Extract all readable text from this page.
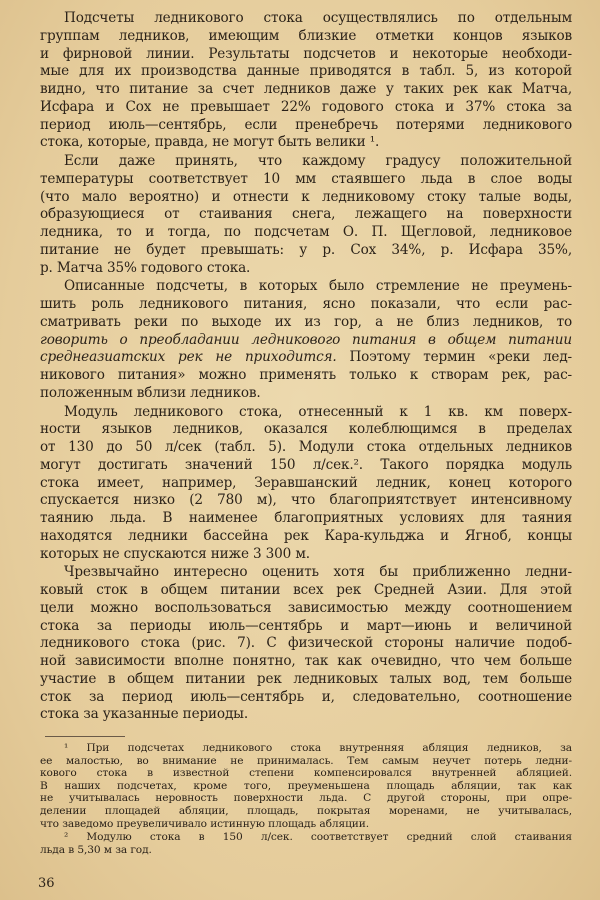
Подсчеты ледникового стока осуществлялись по отдельным
группам ледников, имеющим близкие отметки концов языков
и фирновой линии. Результаты подсчетов и некоторые необходи-
мые для их производства данные приводятся в табл. 5, из которой
видно, что питание за счет ледников даже у таких рек как Матча,
Исфара и Сох не превышает 22% годового стока и 37% стока за
период июль—сентябрь, если пренебречь потерями ледникового
стока, которые, правда, не могут быть велики ¹.
Если даже принять, что каждому градусу положительной
температуры соответствует 10 мм стаявшего льда в слое воды
(что мало вероятно) и отнести к ледниковому стоку талые воды,
образующиеся от стаивания снега, лежащего на поверхности
ледника, то и тогда, по подсчетам О. П. Щегловой, ледниковое
питание не будет превышать: у р. Сох 34%, р. Исфара 35%,
р. Матча 35% годового стока.
Описанные подсчеты, в которых было стремление не преумень-
шить роль ледникового питания, ясно показали, что если рас-
сматривать реки по выходе их из гор, а не близ ледников, то
говорить о преобладании ледникового питания в общем питании
среднеазиатских рек не приходится. Поэтому термин «реки лед-
никового питания» можно применять только к створам рек, рас-
положенным вблизи ледников.
Модуль ледникового стока, отнесенный к 1 кв. км поверх-
ности языков ледников, оказался колеблющимся в пределах
от 130 до 50 л/сек (табл. 5). Модули стока отдельных ледников
могут достигать значений 150 л/сек.². Такого порядка модуль
стока имеет, например, Зеравшанский ледник, конец которого
спускается низко (2 780 м), что благоприятствует интенсивному
таянию льда. В наименее благоприятных условиях для таяния
находятся ледники бассейна рек Кара-кульджа и Ягноб, концы
которых не спускаются ниже 3 300 м.
Чрезвычайно интересно оценить хотя бы приближенно ледни-
ковый сток в общем питании всех рек Средней Азии. Для этой
цели можно воспользоваться зависимостью между соотношением
стока за периоды июль—сентябрь и март—июнь и величиной
ледникового стока (рис. 7). С физической стороны наличие подоб-
ной зависимости вполне понятно, так как очевидно, что чем больше
участие в общем питании рек ледниковых талых вод, тем больше
сток за период июль—сентябрь и, следовательно, соотношение
стока за указанные периоды.
¹ При подсчетах ледникового стока внутренняя абляция ледников, за
ее малостью, во внимание не принималась. Тем самым неучет потерь ледни-
кового стока в известной степени компенсировался внутренней абляцией.
В наших подсчетах, кроме того, преуменьшена площадь абляции, так как
не учитывалась неровность поверхности льда. С другой стороны, при опре-
делении площадей абляции, площадь, покрытая моренами, не учитывалась,
что заведомо преувеличивало истинную площадь абляции.
² Модулю стока в 150 л/сек. соответствует средний слой стаивания
льда в 5,30 м за год.
36
